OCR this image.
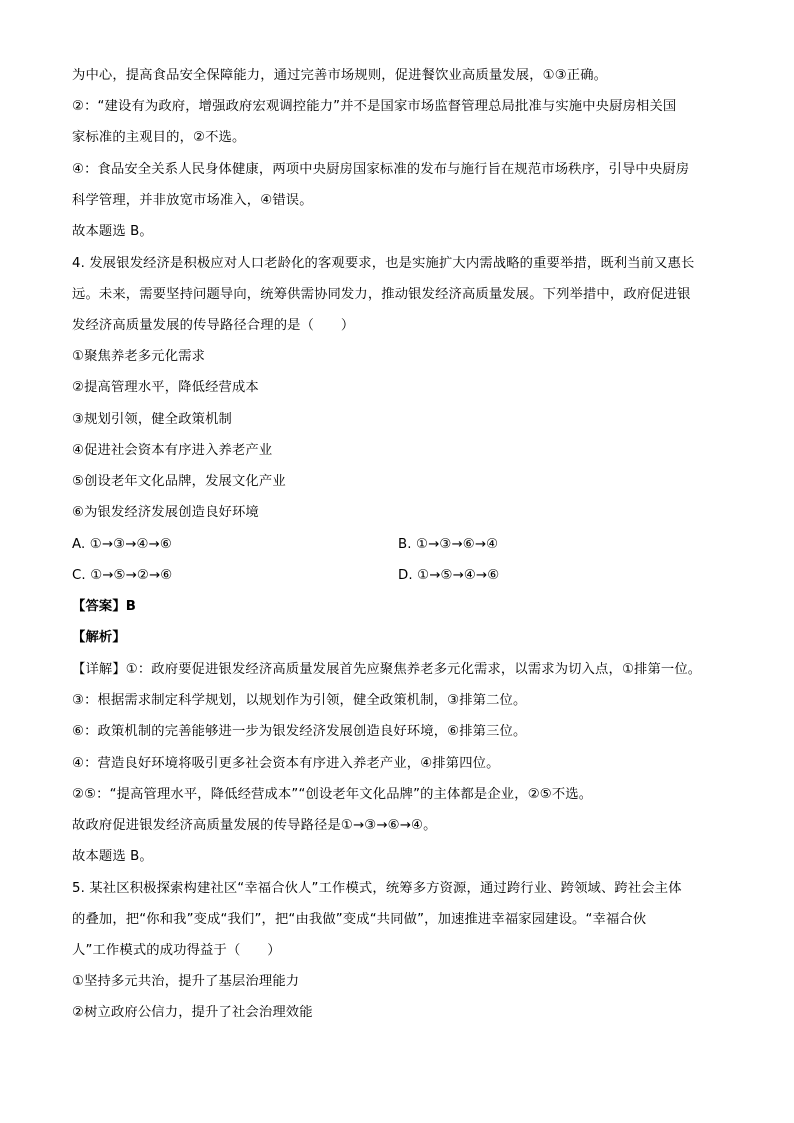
为中心，提高食品安全保障能力，通过完善市场规则，促进餐饮业高质量发展，①③正确。
②：“建设有为政府，增强政府宏观调控能力”并不是国家市场监督管理总局批准与实施中央厨房相关国
家标准的主观目的，②不选。
④：食品安全关系人民身体健康，两项中央厨房国家标准的发布与施行旨在规范市场秩序，引导中央厨房
科学管理，并非放宽市场准入，④错误。
故本题选 B。
4. 发展银发经济是积极应对人口老龄化的客观要求，也是实施扩大内需战略的重要举措，既利当前又惠长
远。未来，需要坚持问题导向，统筹供需协同发力，推动银发经济高质量发展。下列举措中，政府促进银
发经济高质量发展的传导路径合理的是（　　）
①聚焦养老多元化需求
②提高管理水平，降低经营成本
③规划引领，健全政策机制
④促进社会资本有序进入养老产业
⑤创设老年文化品牌，发展文化产业
⑥为银发经济发展创造良好环境
A. ①→③→④→⑥	B. ①→③→⑥→④
C. ①→⑤→②→⑥	D. ①→⑤→④→⑥
【答案】B
【解析】
【详解】①：政府要促进银发经济高质量发展首先应聚焦养老多元化需求，以需求为切入点，①排第一位。
③：根据需求制定科学规划，以规划作为引领，健全政策机制，③排第二位。
⑥：政策机制的完善能够进一步为银发经济发展创造良好环境，⑥排第三位。
④：营造良好环境将吸引更多社会资本有序进入养老产业，④排第四位。
②⑤：“提高管理水平，降低经营成本”“创设老年文化品牌”的主体都是企业，②⑤不选。
故政府促进银发经济高质量发展的传导路径是①→③→⑥→④。
故本题选 B。
5. 某社区积极探索构建社区“幸福合伙人”工作模式，统筹多方资源，通过跨行业、跨领域、跨社会主体
的叠加，把“你和我”变成“我们”，把“由我做”变成“共同做”，加速推进幸福家园建设。“幸福合伙
人”工作模式的成功得益于（　　）
①坚持多元共治，提升了基层治理能力
②树立政府公信力，提升了社会治理效能
